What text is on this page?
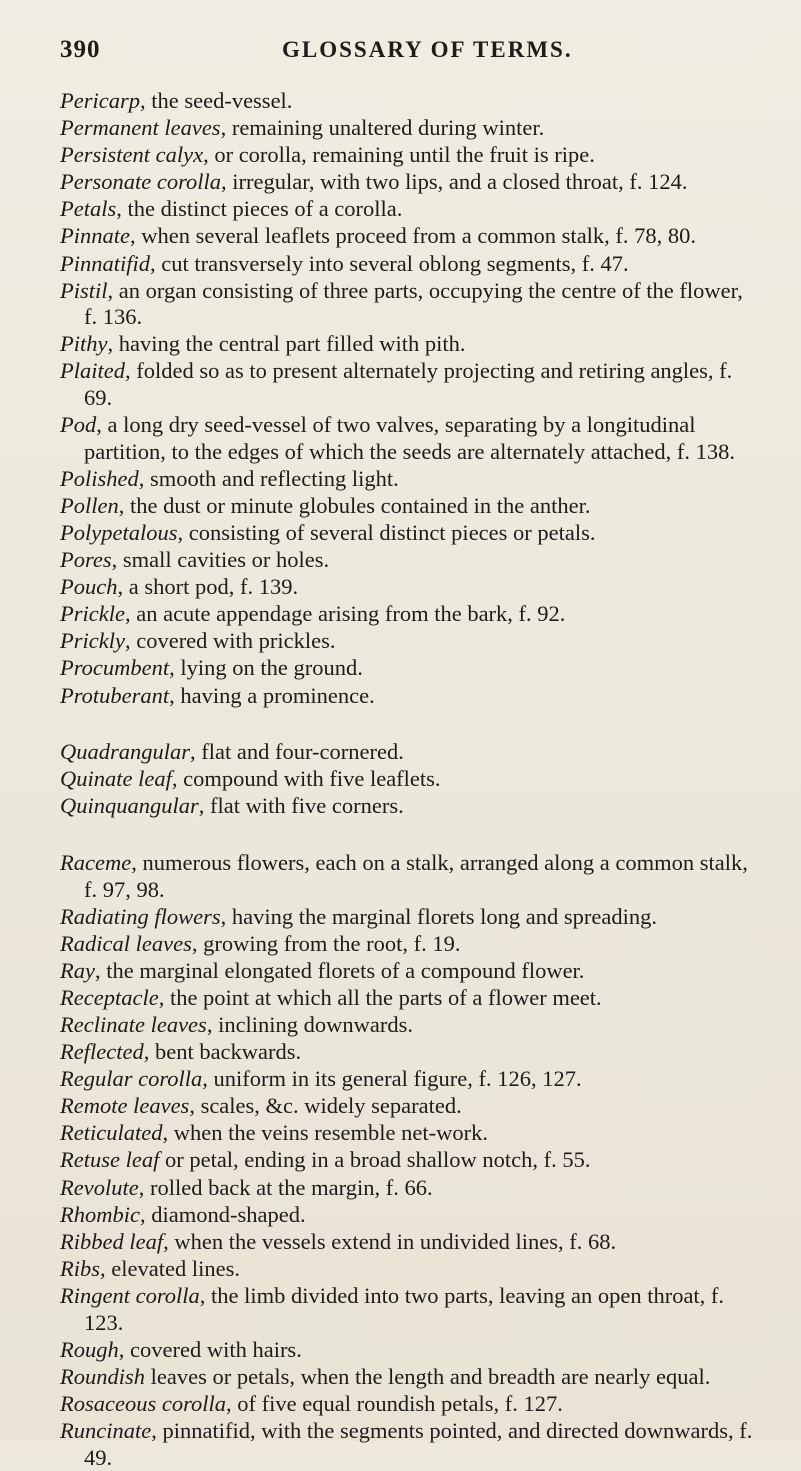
390	GLOSSARY OF TERMS.

Pericarp, the seed-vessel.

Permanent leaves, remaining unaltered during winter.

Persistent calyx, or corolla, remaining until the fruit is ripe.

Personate corolla, irregular, with two lips, and a closed throat, f. 124.

Petals, the distinct pieces of a corolla.

Pinnate, when several leaflets proceed from a common stalk, f. 78, 80.

Pinnatifid, cut transversely into several oblong segments, f. 47.

Pistil, an organ consisting of three parts, occupying the centre of the flower, f. 136.

Pithy, having the central part filled with pith.

Plaited, folded so as to present alternately projecting and retiring angles, f. 69.

Pod, a long dry seed-vessel of two valves, separating by a longitudinal partition, to the edges of which the seeds are alternately attached, f. 138.

Polished, smooth and reflecting light.

Pollen, the dust or minute globules contained in the anther.

Polypetalous, consisting of several distinct pieces or petals.

Pores, small cavities or holes.

Pouch, a short pod, f. 139.

Prickle, an acute appendage arising from the bark, f. 92.

Prickly, covered with prickles.

Procumbent, lying on the ground.

Protuberant, having a prominence.

Quadrangular, flat and four-cornered.

Quinate leaf, compound with five leaflets.

Quinquangular, flat with five corners.

Raceme, numerous flowers, each on a stalk, arranged along a common stalk, f. 97, 98.

Radiating flowers, having the marginal florets long and spreading.

Radical leaves, growing from the root, f. 19.

Ray, the marginal elongated florets of a compound flower.

Receptacle, the point at which all the parts of a flower meet.

Reclinate leaves, inclining downwards.

Reflected, bent backwards.

Regular corolla, uniform in its general figure, f. 126, 127.

Remote leaves, scales, &c. widely separated.

Reticulated, when the veins resemble net-work.

Retuse leaf or petal, ending in a broad shallow notch, f. 55.

Revolute, rolled back at the margin, f. 66.

Rhombic, diamond-shaped.

Ribbed leaf, when the vessels extend in undivided lines, f. 68.

Ribs, elevated lines.

Ringent corolla, the limb divided into two parts, leaving an open throat, f. 123.

Rough, covered with hairs.

Roundish leaves or petals, when the length and breadth are nearly equal.

Rosaceous corolla, of five equal roundish petals, f. 127.

Runcinate, pinnatifid, with the segments pointed, and directed downwards, f. 49.
